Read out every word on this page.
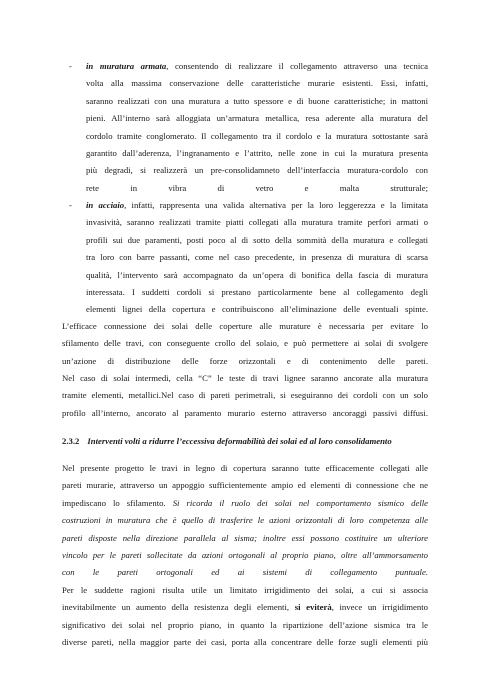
- in muratura armata, consentendo di realizzare il collegamento attraverso una tecnica
volta alla massima conservazione delle caratteristiche murarie esistenti. Essi, infatti,
saranno realizzati con una muratura a tutto spessore e di buone caratteristiche; in mattoni
pieni. All’interno sarà alloggiata un’armatura metallica, resa aderente alla muratura del
cordolo tramite conglomerato. Il collegamento tra il cordolo e la muratura sottostante sarà
garantito dall’aderenza, l’ingranamento e l’attrito, nelle zone in cui la muratura presenta
più degradi, si realizzerà un pre-consolidamneto dell’interfaccia muratura-cordolo con
rete in vibra di vetro e malta strutturale;
- in acciaio, infatti, rappresenta una valida alternativa per la loro leggerezza e la limitata
invasività, saranno realizzati tramite piatti collegati alla muratura tramite perfori armati o
profili sui due paramenti, posti poco al di sotto della sommità della muratura e collegati
tra loro con barre passanti, come nel caso precedente, in presenza di muratura di scarsa
qualità, l’intervento sarà accompagnato da un’opera di bonifica della fascia di muratura
interessata. I suddetti cordoli si prestano particolarmente bene al collegamento degli
elementi lignei della copertura e contribuiscono all’eliminazione delle eventuali spinte.
L’efficace connessione dei solai delle coperture alle murature è necessaria per evitare lo
sfilamento delle travi, con conseguente crollo del solaio, e può permettere ai solai di svolgere
un’azione di distribuzione delle forze orizzontali e di contenimento delle pareti.
Nel caso di solai intermedi, cella “C” le teste di travi lignee saranno ancorate alla muratura
tramite elementi, metallici.Nel caso di pareti perimetrali, si eseguiranno dei cordoli con un solo
profilo all’interno, ancorato al paramento murario esterno attraverso ancoraggi passivi diffusi.
2.3.2 Interventi volti a ridurre l’eccessiva deformabilità dei solai ed al loro consolidamento
Nel presente progetto le travi in legno di copertura saranno tutte efficacemente collegati alle
pareti murarie, attraverso un appoggio sufficientemente ampio ed elementi di connessione che ne
impediscano lo sfilamento. Si ricorda il ruolo dei solai nel comportamento sismico delle
costruzioni in muratura che è quello di trasferire le azioni orizzontali di loro competenza alle
pareti disposte nella direzione parallela al sisma; inoltre essi possono costituire un ulteriore
vincolo per le pareti sollecitate da azioni ortogonali al proprio piano, oltre all’ammorsamento
con le pareti ortogonali ed ai sistemi di collegamento puntuale.
Per le suddette ragioni risulta utile un limitato irrigidimento dei solai, a cui si associa
inevitabilmente un aumento della resistenza degli elementi, si eviterà, invece un irrigidimento
significativo dei solai nel proprio piano, in quanto la ripartizione dell’azione sismica tra le
diverse pareti, nella maggior parte dei casi, porta alla concentrare delle forze sugli elementi più
